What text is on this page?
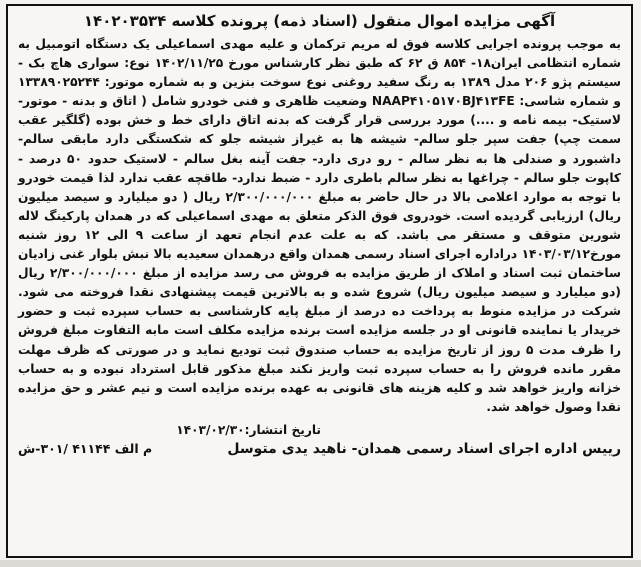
آگهی مزایده اموال منقول (اسناد ذمه) پرونده کلاسه ۱۴۰۲۰۳۵۳۴

به موجب پرونده اجرایی کلاسه فوق له مریم ترکمان و علیه مهدی اسماعیلی یک دستگاه اتومبیل به شماره انتظامی ایران۱۸- ۸۵۴ ق ۶۲ که طبق نظر کارشناس مورخ ۱۴۰۲/۱۱/۲۵ نوع: سواری هاچ بک - سیستم پژو ۲۰۶ مدل ۱۳۸۹ به رنگ سفید روغنی نوع سوخت بنزین و به شماره موتور: ۱۳۳۸۹۰۲۵۲۴۴ و شماره شاسی: NAAP۴۱۰۵۱۷۰BJ۴۱۳FE وضعیت ظاهری و فنی خودرو شامل ( اتاق و بدنه - موتور- لاستیک- بیمه نامه و ....) مورد بررسی قرار گرفت که بدنه اتاق دارای خط و خش بوده (گلگیر عقب سمت چپ) جفت سپر جلو سالم- شیشه ها به غیراز شیشه جلو که شکستگی دارد مابقی سالم- داشبورد و صندلی ها به نظر سالم - رو دری دارد- جفت آینه بغل سالم - لاستیک حدود ۵۰ درصد - کاپوت جلو سالم - چراغها به نظر سالم باطری دارد - ضبط ندارد- طاقچه عقب ندارد لذا قیمت خودرو با توجه به موارد اعلامی بالا در حال حاضر به مبلغ ۲/۳۰۰/۰۰۰/۰۰۰ ریال ( دو میلیارد و سیصد میلیون ریال) ارزیابی گردیده است. خودروی فوق الذکر متعلق به مهدی اسماعیلی که در همدان پارکینگ لاله شورین متوقف و مستقر می باشد. که به علت عدم انجام تعهد از ساعت ۹ الی ۱۲ روز شنبه مورخ۱۴۰۳/۰۳/۱۲ دراداره اجرای اسناد رسمی همدان واقع درهمدان سعیدیه بالا نبش بلوار غنی زادیان ساختمان ثبت اسناد و املاک از طریق مزایده به فروش می رسد مزایده از مبلغ ۲/۳۰۰/۰۰۰/۰۰۰ ریال (دو میلیارد و سیصد میلیون ریال) شروع شده و به بالاترین قیمت پیشنهادی نقدا فروخته می شود. شرکت در مزایده منوط به پرداخت ده درصد از مبلغ پایه کارشناسی به حساب سپرده ثبت و حضور خریدار یا نماینده قانونی او در جلسه مزایده است برنده مزایده مکلف است مابه التفاوت مبلغ فروش را ظرف مدت ۵ روز از تاریخ مزایده به حساب صندوق ثبت تودیع نماید و در صورتی که ظرف مهلت مقرر مانده فروش را به حساب سپرده ثبت واریز نکند مبلغ مذکور قابل استرداد نبوده و به حساب خزانه واریز خواهد شد و کلیه هزینه های قانونی به عهده برنده مزایده است و نیم عشر و حق مزایده نقدا وصول خواهد شد.

تاریخ انتشار:۱۴۰۳/۰۲/۳۰
رییس اداره اجرای اسناد رسمی همدان- ناهید یدی متوسل
م الف ۴۱۱۴۴ /۳۰۱-ش
